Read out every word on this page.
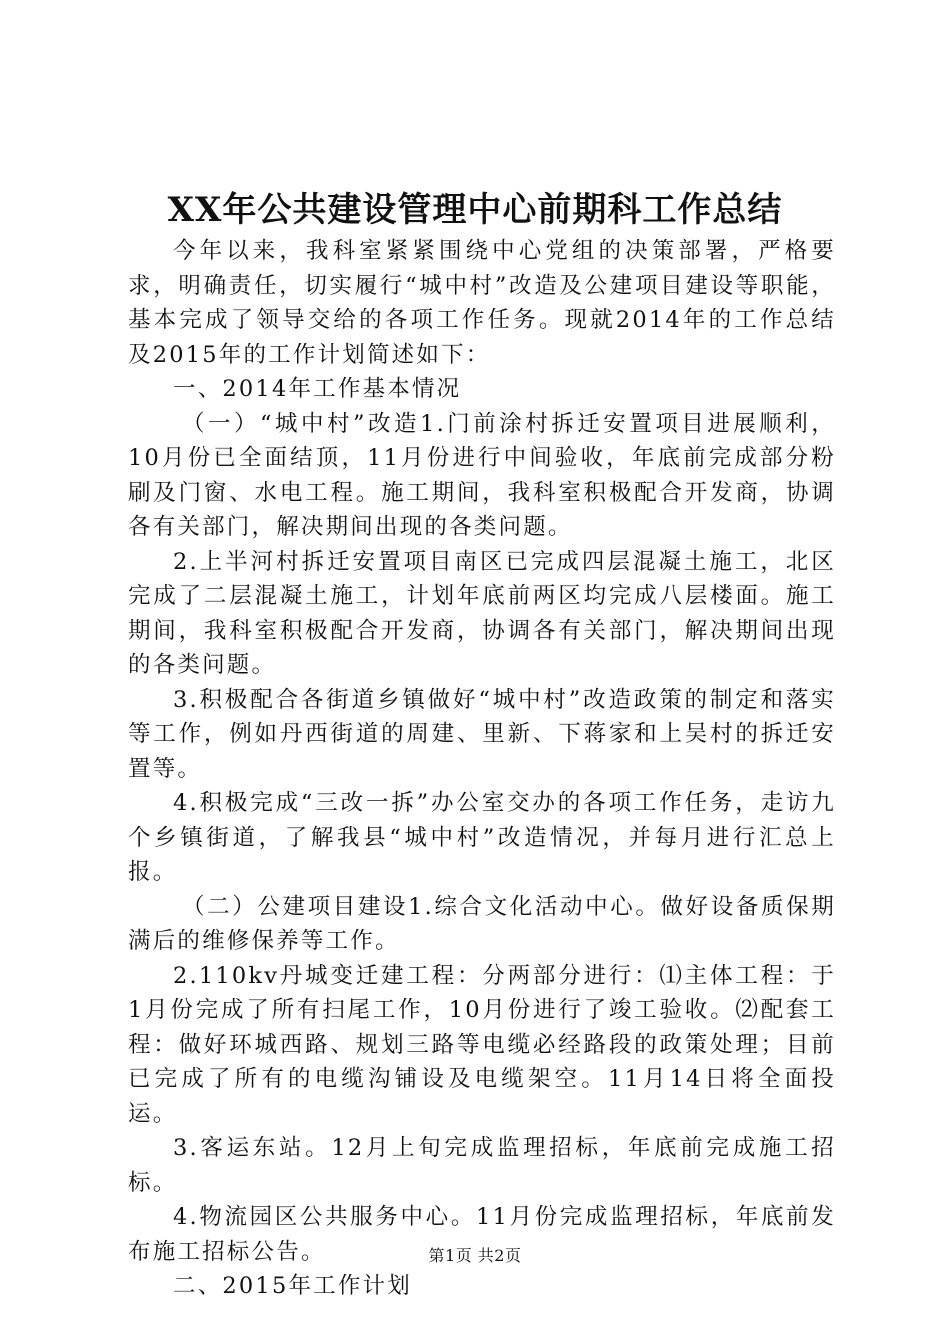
XX年公共建设管理中心前期科工作总结

今年以来，我科室紧紧围绕中心党组的决策部署，严格要求，明确责任，切实履行“城中村”改造及公建项目建设等职能，基本完成了领导交给的各项工作任务。现就2014年的工作总结及2015年的工作计划简述如下：

一、2014年工作基本情况

（一）“城中村”改造1.门前涂村拆迁安置项目进展顺利，10月份已全面结顶，11月份进行中间验收，年底前完成部分粉刷及门窗、水电工程。施工期间，我科室积极配合开发商，协调各有关部门，解决期间出现的各类问题。

2.上半河村拆迁安置项目南区已完成四层混凝土施工，北区完成了二层混凝土施工，计划年底前两区均完成八层楼面。施工期间，我科室积极配合开发商，协调各有关部门，解决期间出现的各类问题。

3.积极配合各街道乡镇做好“城中村”改造政策的制定和落实等工作，例如丹西街道的周建、里新、下蒋家和上吴村的拆迁安置等。

4.积极完成“三改一拆”办公室交办的各项工作任务，走访九个乡镇街道，了解我县“城中村”改造情况，并每月进行汇总上报。

（二）公建项目建设1.综合文化活动中心。做好设备质保期满后的维修保养等工作。

2.110kv丹城变迁建工程：分两部分进行：⑴主体工程：于1月份完成了所有扫尾工作，10月份进行了竣工验收。⑵配套工程：做好环城西路、规划三路等电缆必经路段的政策处理；目前已完成了所有的电缆沟铺设及电缆架空。11月14日将全面投运。

3.客运东站。12月上旬完成监理招标，年底前完成施工招标。

4.物流园区公共服务中心。11月份完成监理招标，年底前发布施工招标公告。

二、2015年工作计划

第1页 共2页
